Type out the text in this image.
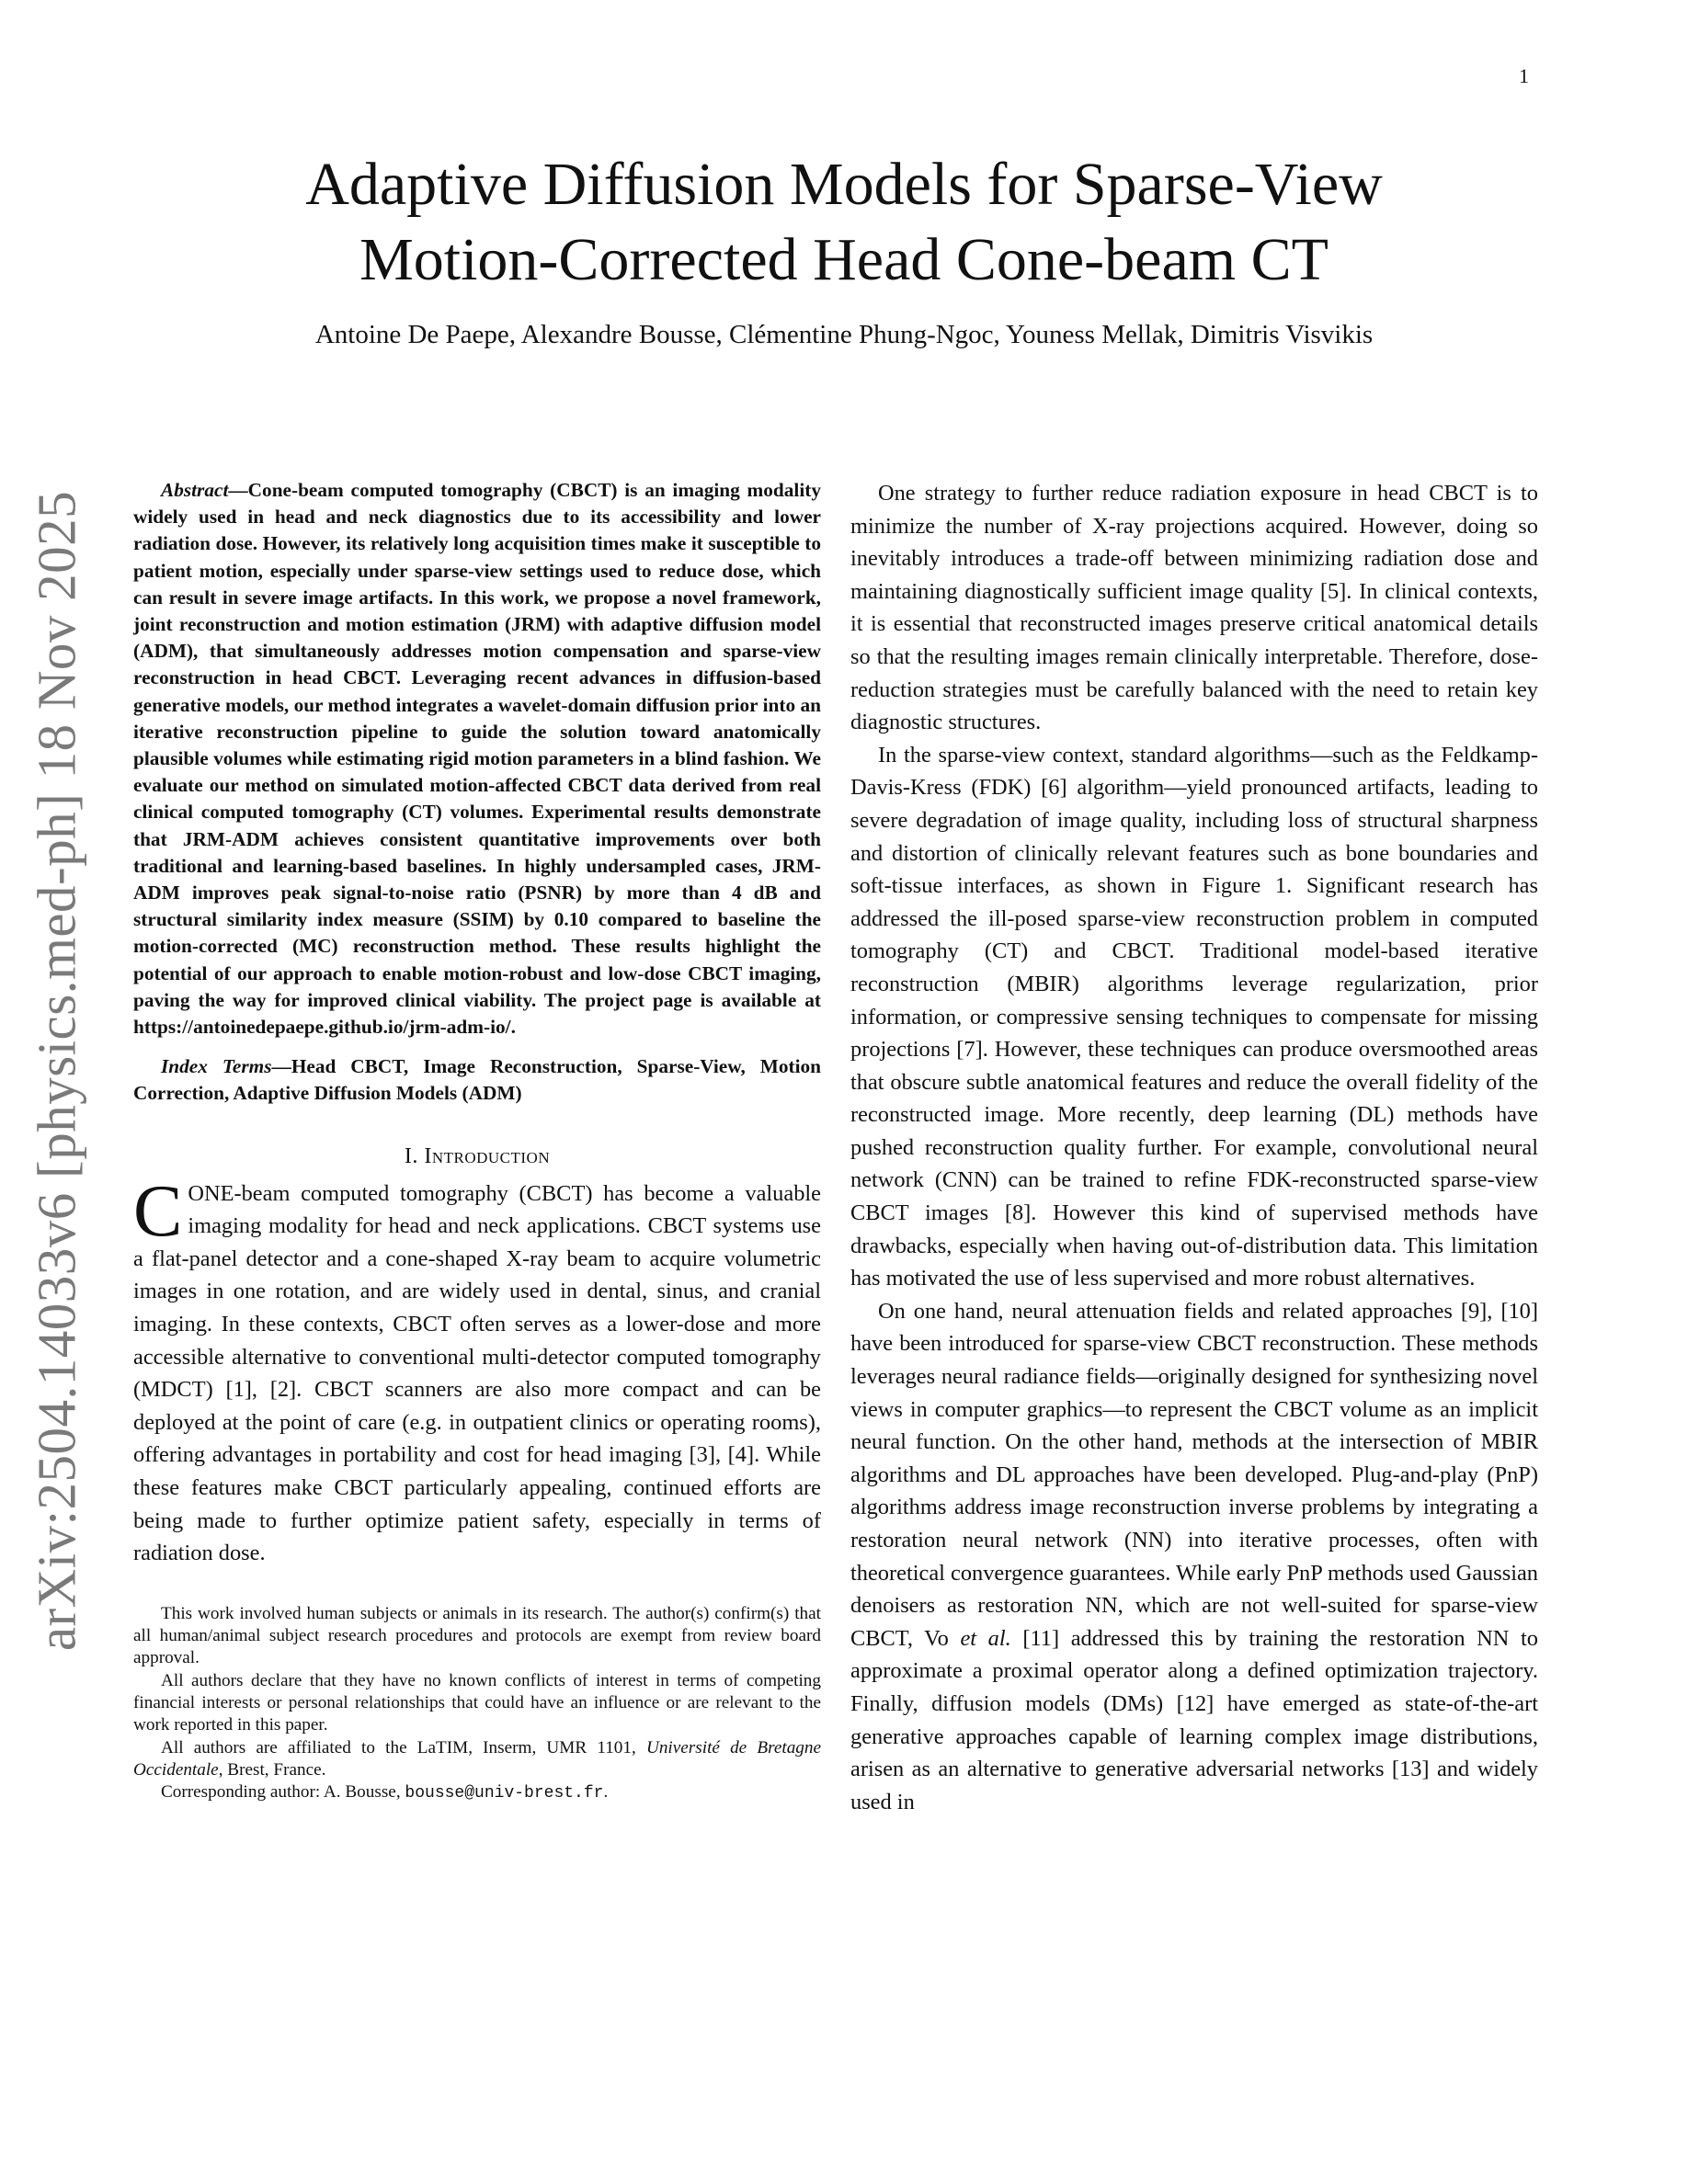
1
Adaptive Diffusion Models for Sparse-View
Motion-Corrected Head Cone-beam CT
Antoine De Paepe, Alexandre Bousse, Clémentine Phung-Ngoc, Youness Mellak, Dimitris Visvikis
arXiv:2504.14033v6 [physics.med-ph] 18 Nov 2025

Abstract—Cone-beam computed tomography (CBCT) is an imaging modality widely used in head and neck diagnostics due to its accessibility and lower radiation dose. However, its relatively long acquisition times make it susceptible to patient motion, especially under sparse-view settings used to reduce dose, which can result in severe image artifacts. In this work, we propose a novel framework, joint reconstruction and motion estimation (JRM) with adaptive diffusion model (ADM), that simultaneously addresses motion compensation and sparse-view reconstruction in head CBCT. Leveraging recent advances in diffusion-based generative models, our method integrates a wavelet-domain diffusion prior into an iterative reconstruction pipeline to guide the solution toward anatomically plausible volumes while estimating rigid motion parameters in a blind fashion. We evaluate our method on simulated motion-affected CBCT data derived from real clinical computed tomography (CT) volumes. Experimental results demonstrate that JRM-ADM achieves consistent quantitative improvements over both traditional and learning-based baselines. In highly undersampled cases, JRM-ADM improves peak signal-to-noise ratio (PSNR) by more than 4 dB and structural similarity index measure (SSIM) by 0.10 compared to baseline the motion-corrected (MC) reconstruction method. These results highlight the potential of our approach to enable motion-robust and low-dose CBCT imaging, paving the way for improved clinical viability. The project page is available at https://antoinedepaepe.github.io/jrm-adm-io/.

Index Terms—Head CBCT, Image Reconstruction, Sparse-View, Motion Correction, Adaptive Diffusion Models (ADM)

I. Introduction

CONE-beam computed tomography (CBCT) has become a valuable imaging modality for head and neck applications. CBCT systems use a flat-panel detector and a cone-shaped X-ray beam to acquire volumetric images in one rotation, and are widely used in dental, sinus, and cranial imaging. In these contexts, CBCT often serves as a lower-dose and more accessible alternative to conventional multi-detector computed tomography (MDCT) [1], [2]. CBCT scanners are also more compact and can be deployed at the point of care (e.g. in outpatient clinics or operating rooms), offering advantages in portability and cost for head imaging [3], [4]. While these features make CBCT particularly appealing, continued efforts are being made to further optimize patient safety, especially in terms of radiation dose.

This work involved human subjects or animals in its research. The author(s) confirm(s) that all human/animal subject research procedures and protocols are exempt from review board approval.

All authors declare that they have no known conflicts of interest in terms of competing financial interests or personal relationships that could have an influence or are relevant to the work reported in this paper.

All authors are affiliated to the LaTIM, Inserm, UMR 1101, Université de Bretagne Occidentale, Brest, France.

Corresponding author: A. Bousse, bousse@univ-brest.fr.

One strategy to further reduce radiation exposure in head CBCT is to minimize the number of X-ray projections acquired. However, doing so inevitably introduces a trade-off between minimizing radiation dose and maintaining diagnostically sufficient image quality [5]. In clinical contexts, it is essential that reconstructed images preserve critical anatomical details so that the resulting images remain clinically interpretable. Therefore, dose-reduction strategies must be carefully balanced with the need to retain key diagnostic structures.

In the sparse-view context, standard algorithms—such as the Feldkamp-Davis-Kress (FDK) [6] algorithm—yield pronounced artifacts, leading to severe degradation of image quality, including loss of structural sharpness and distortion of clinically relevant features such as bone boundaries and soft-tissue interfaces, as shown in Figure 1. Significant research has addressed the ill-posed sparse-view reconstruction problem in computed tomography (CT) and CBCT. Traditional model-based iterative reconstruction (MBIR) algorithms leverage regularization, prior information, or compressive sensing techniques to compensate for missing projections [7]. However, these techniques can produce oversmoothed areas that obscure subtle anatomical features and reduce the overall fidelity of the reconstructed image. More recently, deep learning (DL) methods have pushed reconstruction quality further. For example, convolutional neural network (CNN) can be trained to refine FDK-reconstructed sparse-view CBCT images [8]. However this kind of supervised methods have drawbacks, especially when having out-of-distribution data. This limitation has motivated the use of less supervised and more robust alternatives.

On one hand, neural attenuation fields and related approaches [9], [10] have been introduced for sparse-view CBCT reconstruction. These methods leverages neural radiance fields—originally designed for synthesizing novel views in computer graphics—to represent the CBCT volume as an implicit neural function. On the other hand, methods at the intersection of MBIR algorithms and DL approaches have been developed. Plug-and-play (PnP) algorithms address image reconstruction inverse problems by integrating a restoration neural network (NN) into iterative processes, often with theoretical convergence guarantees. While early PnP methods used Gaussian denoisers as restoration NN, which are not well-suited for sparse-view CBCT, Vo et al. [11] addressed this by training the restoration NN to approximate a proximal operator along a defined optimization trajectory. Finally, diffusion models (DMs) [12] have emerged as state-of-the-art generative approaches capable of learning complex image distributions, arisen as an alternative to generative adversarial networks [13] and widely used in
